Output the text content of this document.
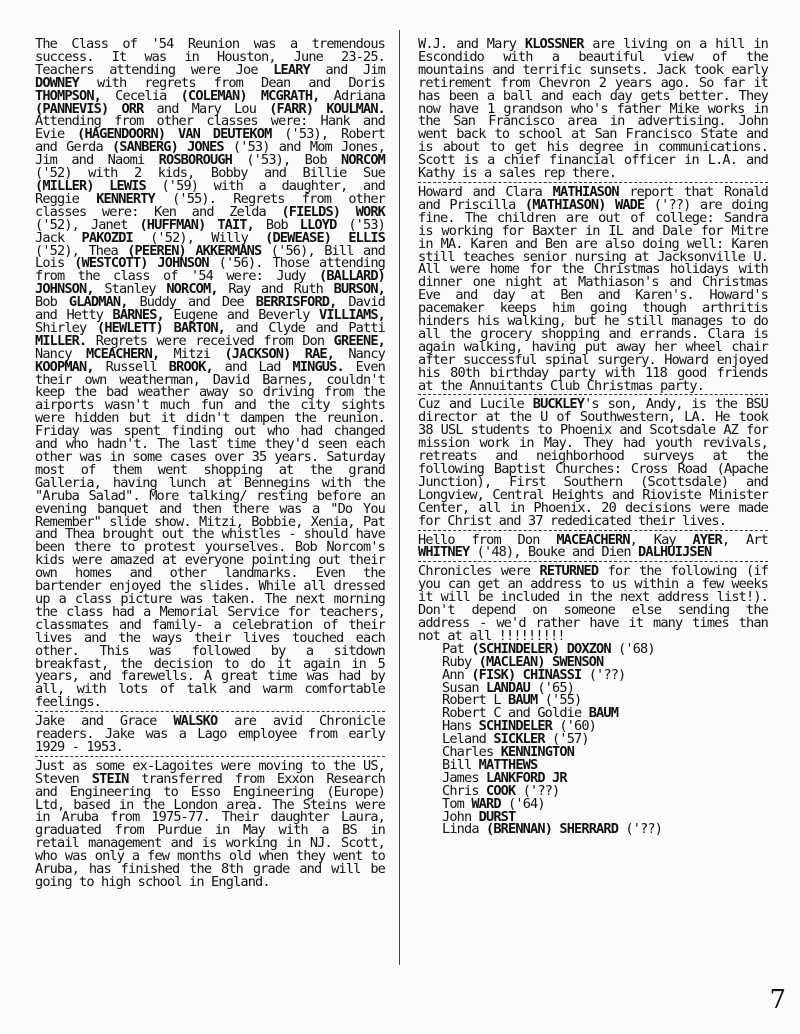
The Class of '54 Reunion was a tremendous success. It was in Houston, June 23-25. Teachers attending were Joe LEARY and Jim DOWNEY with regrets from Dean and Doris THOMPSON, Cecelia (COLEMAN) MCGRATH, Adriana (PANNEVIS) ORR and Mary Lou (FARR) KOULMAN. Attending from other classes were: Hank and Evie (HAGENDOORN) VAN DEUTEKOM ('53), Robert and Gerda (SANBERG) JONES ('53) and Mom Jones, Jim and Naomi ROSBOROUGH ('53), Bob NORCOM ('52) with 2 kids, Bobby and Billie Sue (MILLER) LEWIS ('59) with a daughter, and Reggie KENNERTY ('55). Regrets from other classes were: Ken and Zelda (FIELDS) WORK ('52), Janet (HUFFMAN) TAIT, Bob LLOYD ('53) Jack PAKOZDI ('52), Willy (DEWEASE) ELLIS ('52), Thea (PEEREN) AKKERMANS ('56), Bill and Lois (WESTCOTT) JOHNSON ('56). Those attending from the class of '54 were: Judy (BALLARD) JOHNSON, Stanley NORCOM, Ray and Ruth BURSON, Bob GLADMAN, Buddy and Dee BERRISFORD, David and Hetty BARNES, Eugene and Beverly VILLIAMS, Shirley (HEWLETT) BARTON, and Clyde and Patti MILLER. Regrets were received from Don GREENE, Nancy MCEACHERN, Mitzi (JACKSON) RAE, Nancy KOOPMAN, Russell BROOK, and Lad MINGUS. Even their own weatherman, David Barnes, couldn't keep the bad weather away so driving from the airports wasn't much fun and the city sights were hidden but it didn't dampen the reunion. Friday was spent finding out who had changed and who hadn't. The last time they'd seen each other was in some cases over 35 years. Saturday most of them went shopping at the grand Galleria, having lunch at Bennegins with the "Aruba Salad". More talking/ resting before an evening banquet and then there was a "Do You Remember" slide show. Mitzi, Bobbie, Xenia, Pat and Thea brought out the whistles - should have been there to protest yourselves. Bob Norcom's kids were amazed at everyone pointing out their own homes and other landmarks. Even the bartender enjoyed the slides. While all dressed up a class picture was taken. The next morning the class had a Memorial Service for teachers, classmates and family- a celebration of their lives and the ways their lives touched each other. This was followed by a sitdown breakfast, the decision to do it again in 5 years, and farewells. A great time was had by all, with lots of talk and warm comfortable feelings.

Jake and Grace WALSKO are avid Chronicle readers. Jake was a Lago employee from early 1929 - 1953.

Just as some ex-Lagoites were moving to the US, Steven STEIN transferred from Exxon Research and Engineering to Esso Engineering (Europe) Ltd, based in the London area. The Steins were in Aruba from 1975-77. Their daughter Laura, graduated from Purdue in May with a BS in retail management and is working in NJ. Scott, who was only a few months old when they went to Aruba, has finished the 8th grade and will be going to high school in England.

W.J. and Mary KLOSSNER are living on a hill in Escondido with a beautiful view of the mountains and terrific sunsets. Jack took early retirement from Chevron 2 years ago. So far it has been a ball and each day gets better. They now have 1 grandson who's father Mike works in the San Francisco area in advertising. John went back to school at San Francisco State and is about to get his degree in communications. Scott is a chief financial officer in L.A. and Kathy is a sales rep there.

Howard and Clara MATHIASON report that Ronald and Priscilla (MATHIASON) WADE ('??) are doing fine. The children are out of college: Sandra is working for Baxter in IL and Dale for Mitre in MA. Karen and Ben are also doing well: Karen still teaches senior nursing at Jacksonville U. All were home for the Christmas holidays with dinner one night at Mathiason's and Christmas Eve and day at Ben and Karen's. Howard's pacemaker keeps him going though arthritis hinders his walking, but he still manages to do all the grocery shopping and errands. Clara is again walking, having put away her wheel chair after successful spinal surgery. Howard enjoyed his 80th birthday party with 118 good friends at the Annuitants Club Christmas party.

Cuz and Lucile BUCKLEY's son, Andy, is the BSU director at the U of Southwestern, LA. He took 38 USL students to Phoenix and Scotsdale AZ for mission work in May. They had youth revivals, retreats and neighborhood surveys at the following Baptist Churches: Cross Road (Apache Junction), First Southern (Scottsdale) and Longview, Central Heights and Rioviste Minister Center, all in Phoenix. 20 decisions were made for Christ and 37 rededicated their lives.

Hello from Don MACEACHERN, Kay AYER, Art WHITNEY ('48), Bouke and Dien DALHUIJSEN

Chronicles were RETURNED for the following (if you can get an address to us within a few weeks it will be included in the next address list!). Don't depend on someone else sending the address - we'd rather have it many times than not at all !!!!!!!!!

Pat (SCHINDELER) DOXZON ('68)
Ruby (MACLEAN) SWENSON
Ann (FISK) CHINASSI ('??)
Susan LANDAU ('65)
Robert L BAUM ('55)
Robert C and Goldie BAUM
Hans SCHINDELER ('60)
Leland SICKLER ('57)
Charles KENNINGTON
Bill MATTHEWS
James LANKFORD JR
Chris COOK ('??)
Tom WARD ('64)
John DURST
Linda (BRENNAN) SHERRARD ('??)
7
